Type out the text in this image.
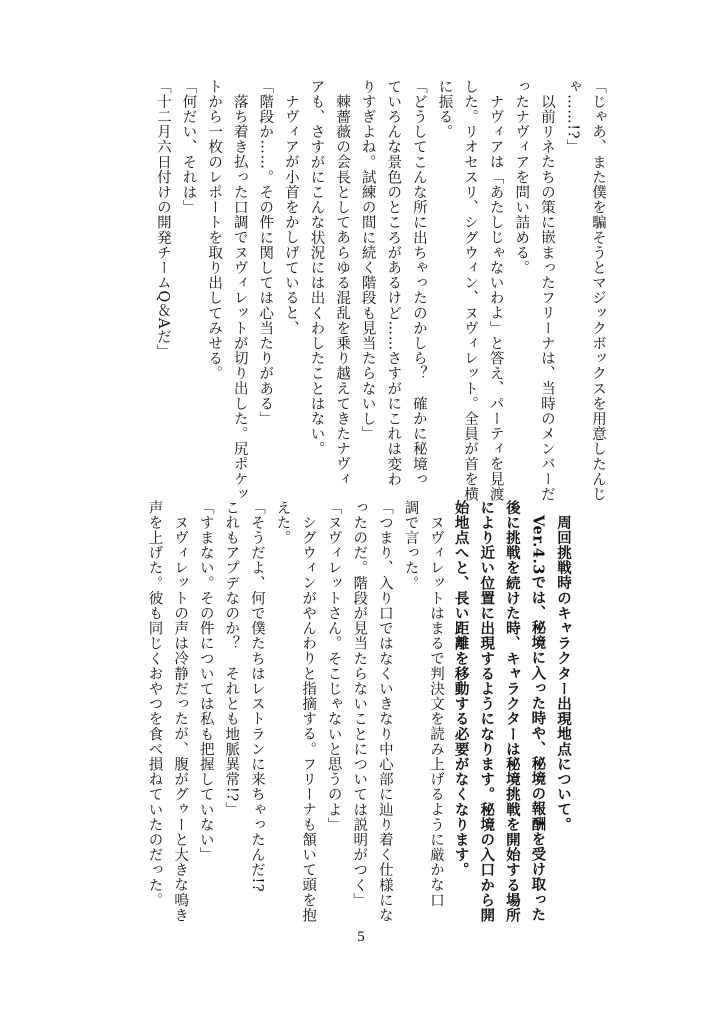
「じゃあ、また僕を騙そうとマジックボックスを用意したんじ
ゃ……!?」
以前リネたちの策に嵌まったフリーナは、当時のメンバーだ
ったナヴィアを問い詰める。
ナヴィアは「あたしじゃないわよ」と答え、パーティを見渡
した。リオセスリ、シグウィン、ヌヴィレット。全員が首を横
に振る。
「どうしてこんな所に出ちゃったのかしら？　確かに秘境っ
ていろんな景色のところがあるけど……さすがにこれは変わ
りすぎよね。試練の間に続く階段も見当たらないし」
棘薔薇の会長としてあらゆる混乱を乗り越えてきたナヴィ
アも、さすがにこんな状況には出くわしたことはない。
ナヴィアが小首をかしげていると、
「階段か……。その件に関しては心当たりがある」
落ち着き払った口調でヌヴィレットが切り出した。尻ポケッ
トから一枚のレポートを取り出してみせる。
「何だい、それは」
「十二月六日付けの開発チームQ＆Aだ」
周回挑戦時のキャラクター出現地点について。
Ver.4.3では、秘境に入った時や、秘境の報酬を受け取った
後に挑戦を続けた時、キャラクターは秘境挑戦を開始する場所
により近い位置に出現するようになります。秘境の入口から開
始地点へと、長い距離を移動する必要がなくなります。
ヌヴィレットはまるで判決文を読み上げるように厳かな口
調で言った。
「つまり、入り口ではなくいきなり中心部に辿り着く仕様にな
ったのだ。階段が見当たらないことについては説明がつく」
「ヌヴィレットさん。そこじゃないと思うのよ」
シグウィンがやんわりと指摘する。フリーナも頷いて頭を抱
えた。
「そうだよ、何で僕たちはレストランに来ちゃったんだ!?
これもアプデなのか？　それとも地脈異常!?」
「すまない。その件については私も把握していない」
ヌヴィレットの声は冷静だったが、腹がグゥーと大きな鳴き
声を上げた。彼も同じくおやつを食べ損ねていたのだった。
5
